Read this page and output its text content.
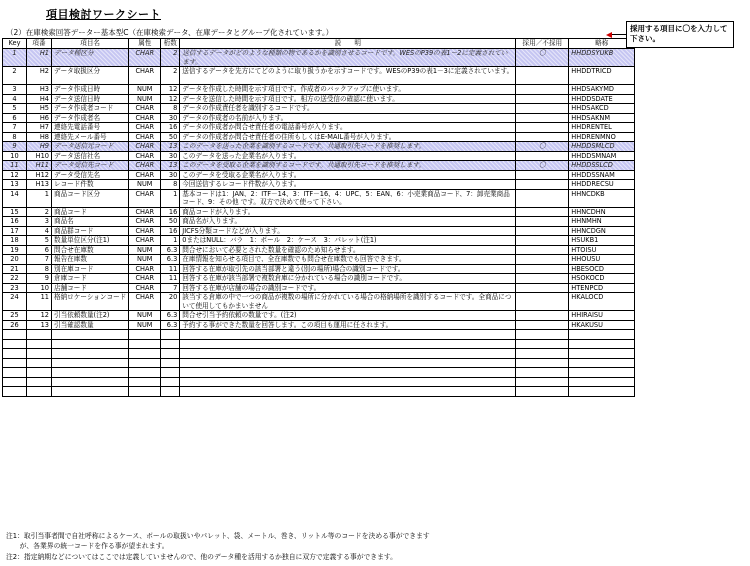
項目検討ワークシート
（2）在庫検索回答データー基本型C（在庫検索データ、在庫データとグループ化されています。）
Key	項番	項目名	属性	桁数	説　　明	採用／不採用	略称
1	H1	データ種区分	CHAR	2	送信するデータがどのような種類の物であるかを識別させるコードです。WESのP39の表1－2に定義されています。	〇	HHDDSYUKB
2	H2	データ取扱区分	CHAR	2	送信するデータを先方にてどのように取り扱うかを示すコードです。WESのP39の表1－3に定義されています。		HHDDTRICD
3	H3	データ作成日時	NUM	12	データを作成した時間を示す項目です。作成者のバックアップに使います。		HHDSAKYMD
4	H4	データ送信日時	NUM	12	データを送信した時間を示す項目です。相方の送受信の確認に使います。		HHDDSDATE
5	H5	データ作成者コード	CHAR	8	データの作成責任者を識別するコードです。		HHDSAKCD
6	H6	データ作成者名	CHAR	30	データの作成者の名前が入ります。		HHDSAKNM
7	H7	連絡先電話番号	CHAR	16	データの作成者か問合せ責任者の電話番号が入ります。		HHDRENTEL
8	H8	連絡先メール番号	CHAR	50	データの作成者か問合せ責任者の住所もしくはE-MAIL番号が入ります。		HHDRENMNO
9	H9	データ送信元コード	CHAR	13	このデータを送った企業を識別するコードです。共通取引先コードを推奨します。	〇	HHDDSMLCD
10	H10	データ送信社名	CHAR	30	このデータを送った企業名が入ります。		HHDDSMNAM
11	H11	データ受信先コード	CHAR	13	このデータを受取る企業を識別するコードです。共通取引先コードを推奨します。	〇	HHDDSSLCD
12	H12	データ受信先名	CHAR	30	このデータを受取る企業名が入ります。		HHDDSSNAM
13	H13	レコード件数	NUM	8	今回送信するレコード件数が入ります。		HHDDRECSU
14	1	商品コード区分	CHAR	1	基本コードは1：JAN、2：ITF－14、3：ITF－16、4：UPC、5：EAN、6：小売業商品コード、7：卸売業商品コード、9：その他 です。双方で決めて使って下さい。		HHNCDKB
15	2	商品コード	CHAR	16	商品コードが入ります。		HHNCDHN
16	3	商品名	CHAR	50	商品名が入ります。		HHNMHN
17	4	商品群コード	CHAR	16	JICFS分類コードなどが入ります。		HHNCDGN
18	5	数量単位区分(注1)	CHAR	1	0またはNULL：バラ　1：ボール　2：ケース　3：パレット(注1)		HSUKB1
19	6	問合せ在庫数	NUM	6.3	問合せにおいて必要とされた数量を確認のため知らせます。		HTOISU
20	7	報告在庫数	NUM	6.3	在庫情報を知らせる項目で、全在庫数でも問合せ在庫数でも回答できます。		HHOUSU
21	8	別在庫コード	CHAR	11	回答する在庫が取引先の該当部署と違う(別の場所)場合の識別コードです。		HBESOCD
22	9	倉庫コード	CHAR	11	回答する在庫が該当部署で複数倉庫に分かれている場合の識別コードです。		HSOKOCD
23	10	店舗コード	CHAR	7	回答する在庫が店舗の場合の識別コードです。		HTENPCD
24	11	格納ロケーションコード	CHAR	20	該当する倉庫の中で一つの商品が複数の場所に分かれている場合の格納場所を識別するコードです。全商品について使用してもかまいません		HKALOCD
25	12	引当依頼数量(注2)	NUM	6.3	問合せ引当予約依頼の数量です。(注2)		HHIRAISU
26	13	引当確認数量	NUM	6.3	予約する事ができた数量を回答します。この項目も運用に任されます。		HKAKUSU

採用する項目に〇を入力して下さい。
注1：取引当事者間で自社呼称によるケース、ボールの取扱いやパレット、袋、メートル、巻き、リットル等のコードを決める事ができます
　　が、各業界の統一コードを作る事が望まれます。
注2：指定納期などについてはここでは定義していませんので、他のデータ種を活用するか独自に双方で定義する事ができます。
